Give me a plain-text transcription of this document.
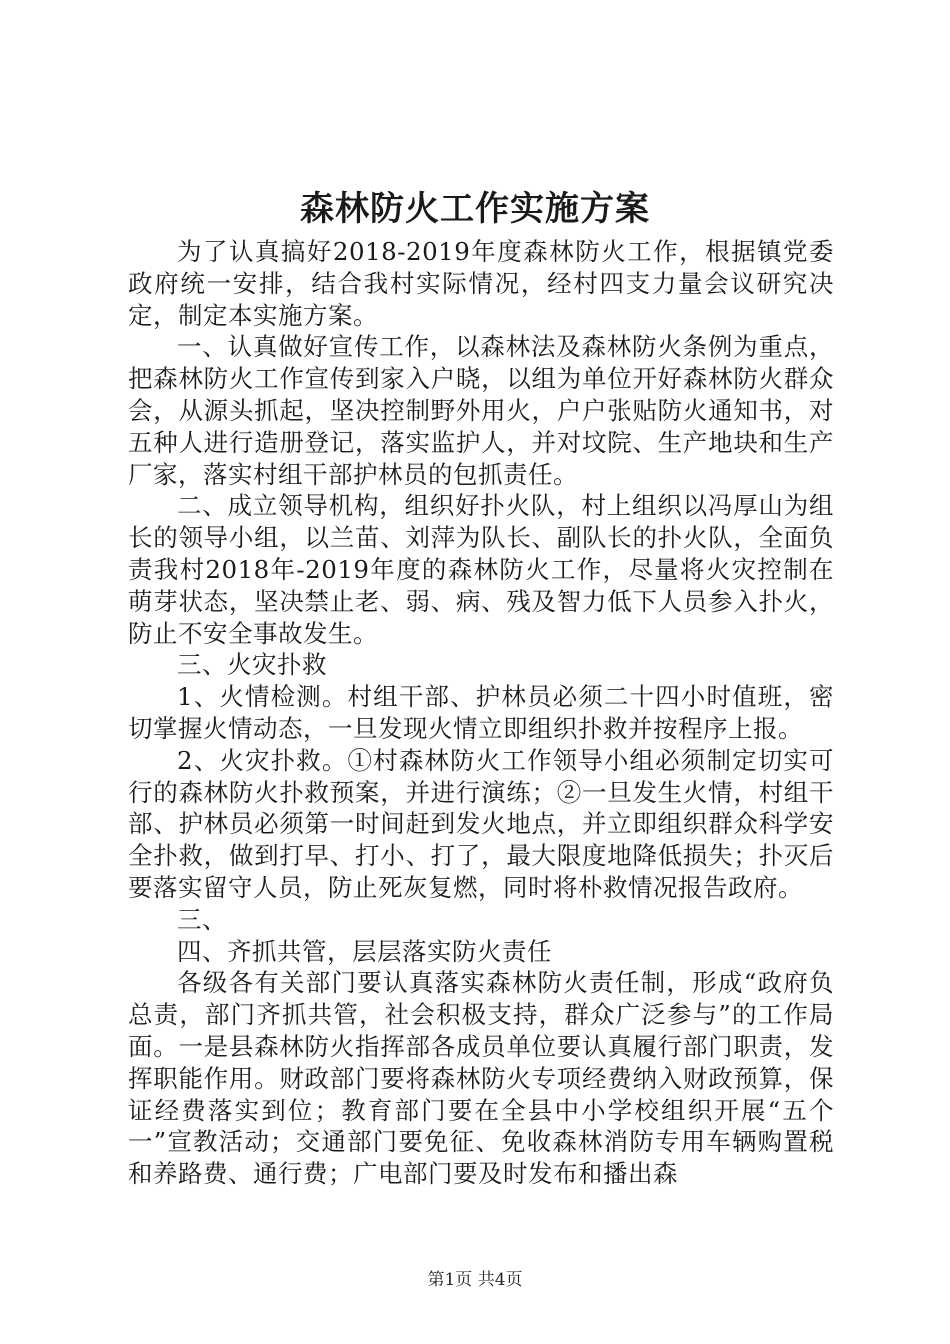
森林防火工作实施方案

为了认真搞好2018-2019年度森林防火工作，根据镇党委政府统一安排，结合我村实际情况，经村四支力量会议研究决定，制定本实施方案。

一、认真做好宣传工作，以森林法及森林防火条例为重点，把森林防火工作宣传到家入户晓，以组为单位开好森林防火群众会，从源头抓起，坚决控制野外用火，户户张贴防火通知书，对五种人进行造册登记，落实监护人，并对坟院、生产地块和生产厂家，落实村组干部护林员的包抓责任。

二、成立领导机构，组织好扑火队，村上组织以冯厚山为组长的领导小组，以兰苗、刘萍为队长、副队长的扑火队，全面负责我村2018年-2019年度的森林防火工作，尽量将火灾控制在萌芽状态，坚决禁止老、弱、病、残及智力低下人员参入扑火，防止不安全事故发生。

三、火灾扑救

1、火情检测。村组干部、护林员必须二十四小时值班，密切掌握火情动态，一旦发现火情立即组织扑救并按程序上报。

2、火灾扑救。①村森林防火工作领导小组必须制定切实可行的森林防火扑救预案，并进行演练；②一旦发生火情，村组干部、护林员必须第一时间赶到发火地点，并立即组织群众科学安全扑救，做到打早、打小、打了，最大限度地降低损失；扑灭后要落实留守人员，防止死灰复燃，同时将朴救情况报告政府。

三、

四、齐抓共管，层层落实防火责任

各级各有关部门要认真落实森林防火责任制，形成“政府负总责，部门齐抓共管，社会积极支持，群众广泛参与”的工作局面。一是县森林防火指挥部各成员单位要认真履行部门职责，发挥职能作用。财政部门要将森林防火专项经费纳入财政预算，保证经费落实到位；教育部门要在全县中小学校组织开展“五个一”宣教活动；交通部门要免征、免收森林消防专用车辆购置税和养路费、通行费；广电部门要及时发布和播出森

第1页 共4页
